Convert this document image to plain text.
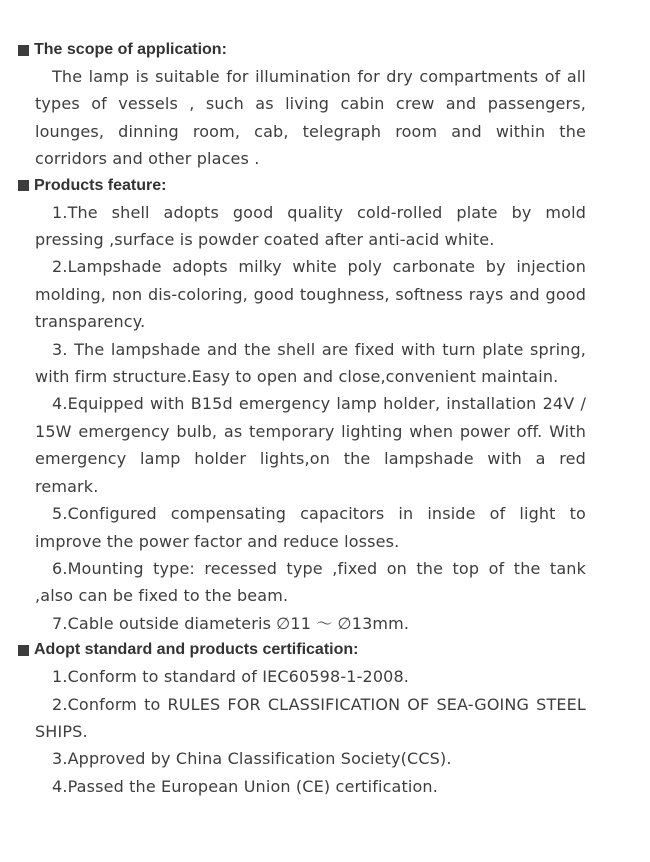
The scope of application:

The lamp is suitable for illumination for dry compartments of all types of vessels , such as living cabin crew and passengers, lounges, dinning room, cab, telegraph room and within the corridors and other places .

Products feature:

1.The shell adopts good quality cold-rolled plate by mold pressing ,surface is powder coated after anti-acid white.

2.Lampshade adopts milky white poly carbonate by injection molding, non dis-coloring, good toughness, softness rays and good transparency.

3. The lampshade and the shell are fixed with turn plate spring, with firm structure.Easy to open and close,convenient maintain.

4.Equipped with B15d emergency lamp holder, installation 24V / 15W emergency bulb, as temporary lighting when power off. With emergency lamp holder lights,on the lampshade with a red remark.

5.Configured compensating capacitors in inside of light to improve the power factor and reduce losses.

6.Mounting type: recessed type ,fixed on the top of the tank ,also can be fixed to the beam.

7.Cable outside diameteris ∅11 ～ ∅13mm.

Adopt standard and products certification:

1.Conform to standard of IEC60598-1-2008.

2.Conform to RULES FOR CLASSIFICATION OF SEA-GOING STEEL SHIPS.

3.Approved by China Classification Society(CCS).

4.Passed the European Union (CE) certification.
